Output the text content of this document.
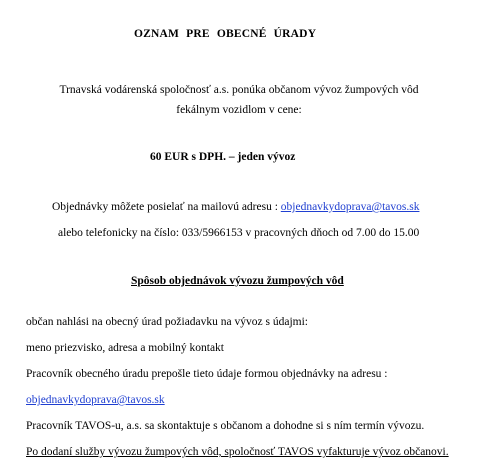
OZNAM PRE OBECNÉ ÚRADY
Trnavská vodárenská spoločnosť a.s. ponúka občanom vývoz žumpových vôd
fekálnym vozidlom v cene:
60 EUR s DPH. – jeden vývoz
Objednávky môžete posielať na mailovú adresu : objednavkydoprava@tavos.sk
alebo telefonicky na číslo: 033/5966153 v pracovných dňoch od 7.00 do 15.00
Spôsob objednávok vývozu žumpových vôd
občan nahlási na obecný úrad požiadavku na vývoz s údajmi:
meno priezvisko, adresa a mobilný kontakt
Pracovník obecného úradu prepošle tieto údaje formou objednávky na adresu :
objednavkydoprava@tavos.sk
Pracovník TAVOS-u, a.s. sa skontaktuje s občanom a dohodne si s ním termín vývozu.
Po dodaní služby vývozu žumpových vôd, spoločnosť TAVOS vyfakturuje vývoz občanovi.
